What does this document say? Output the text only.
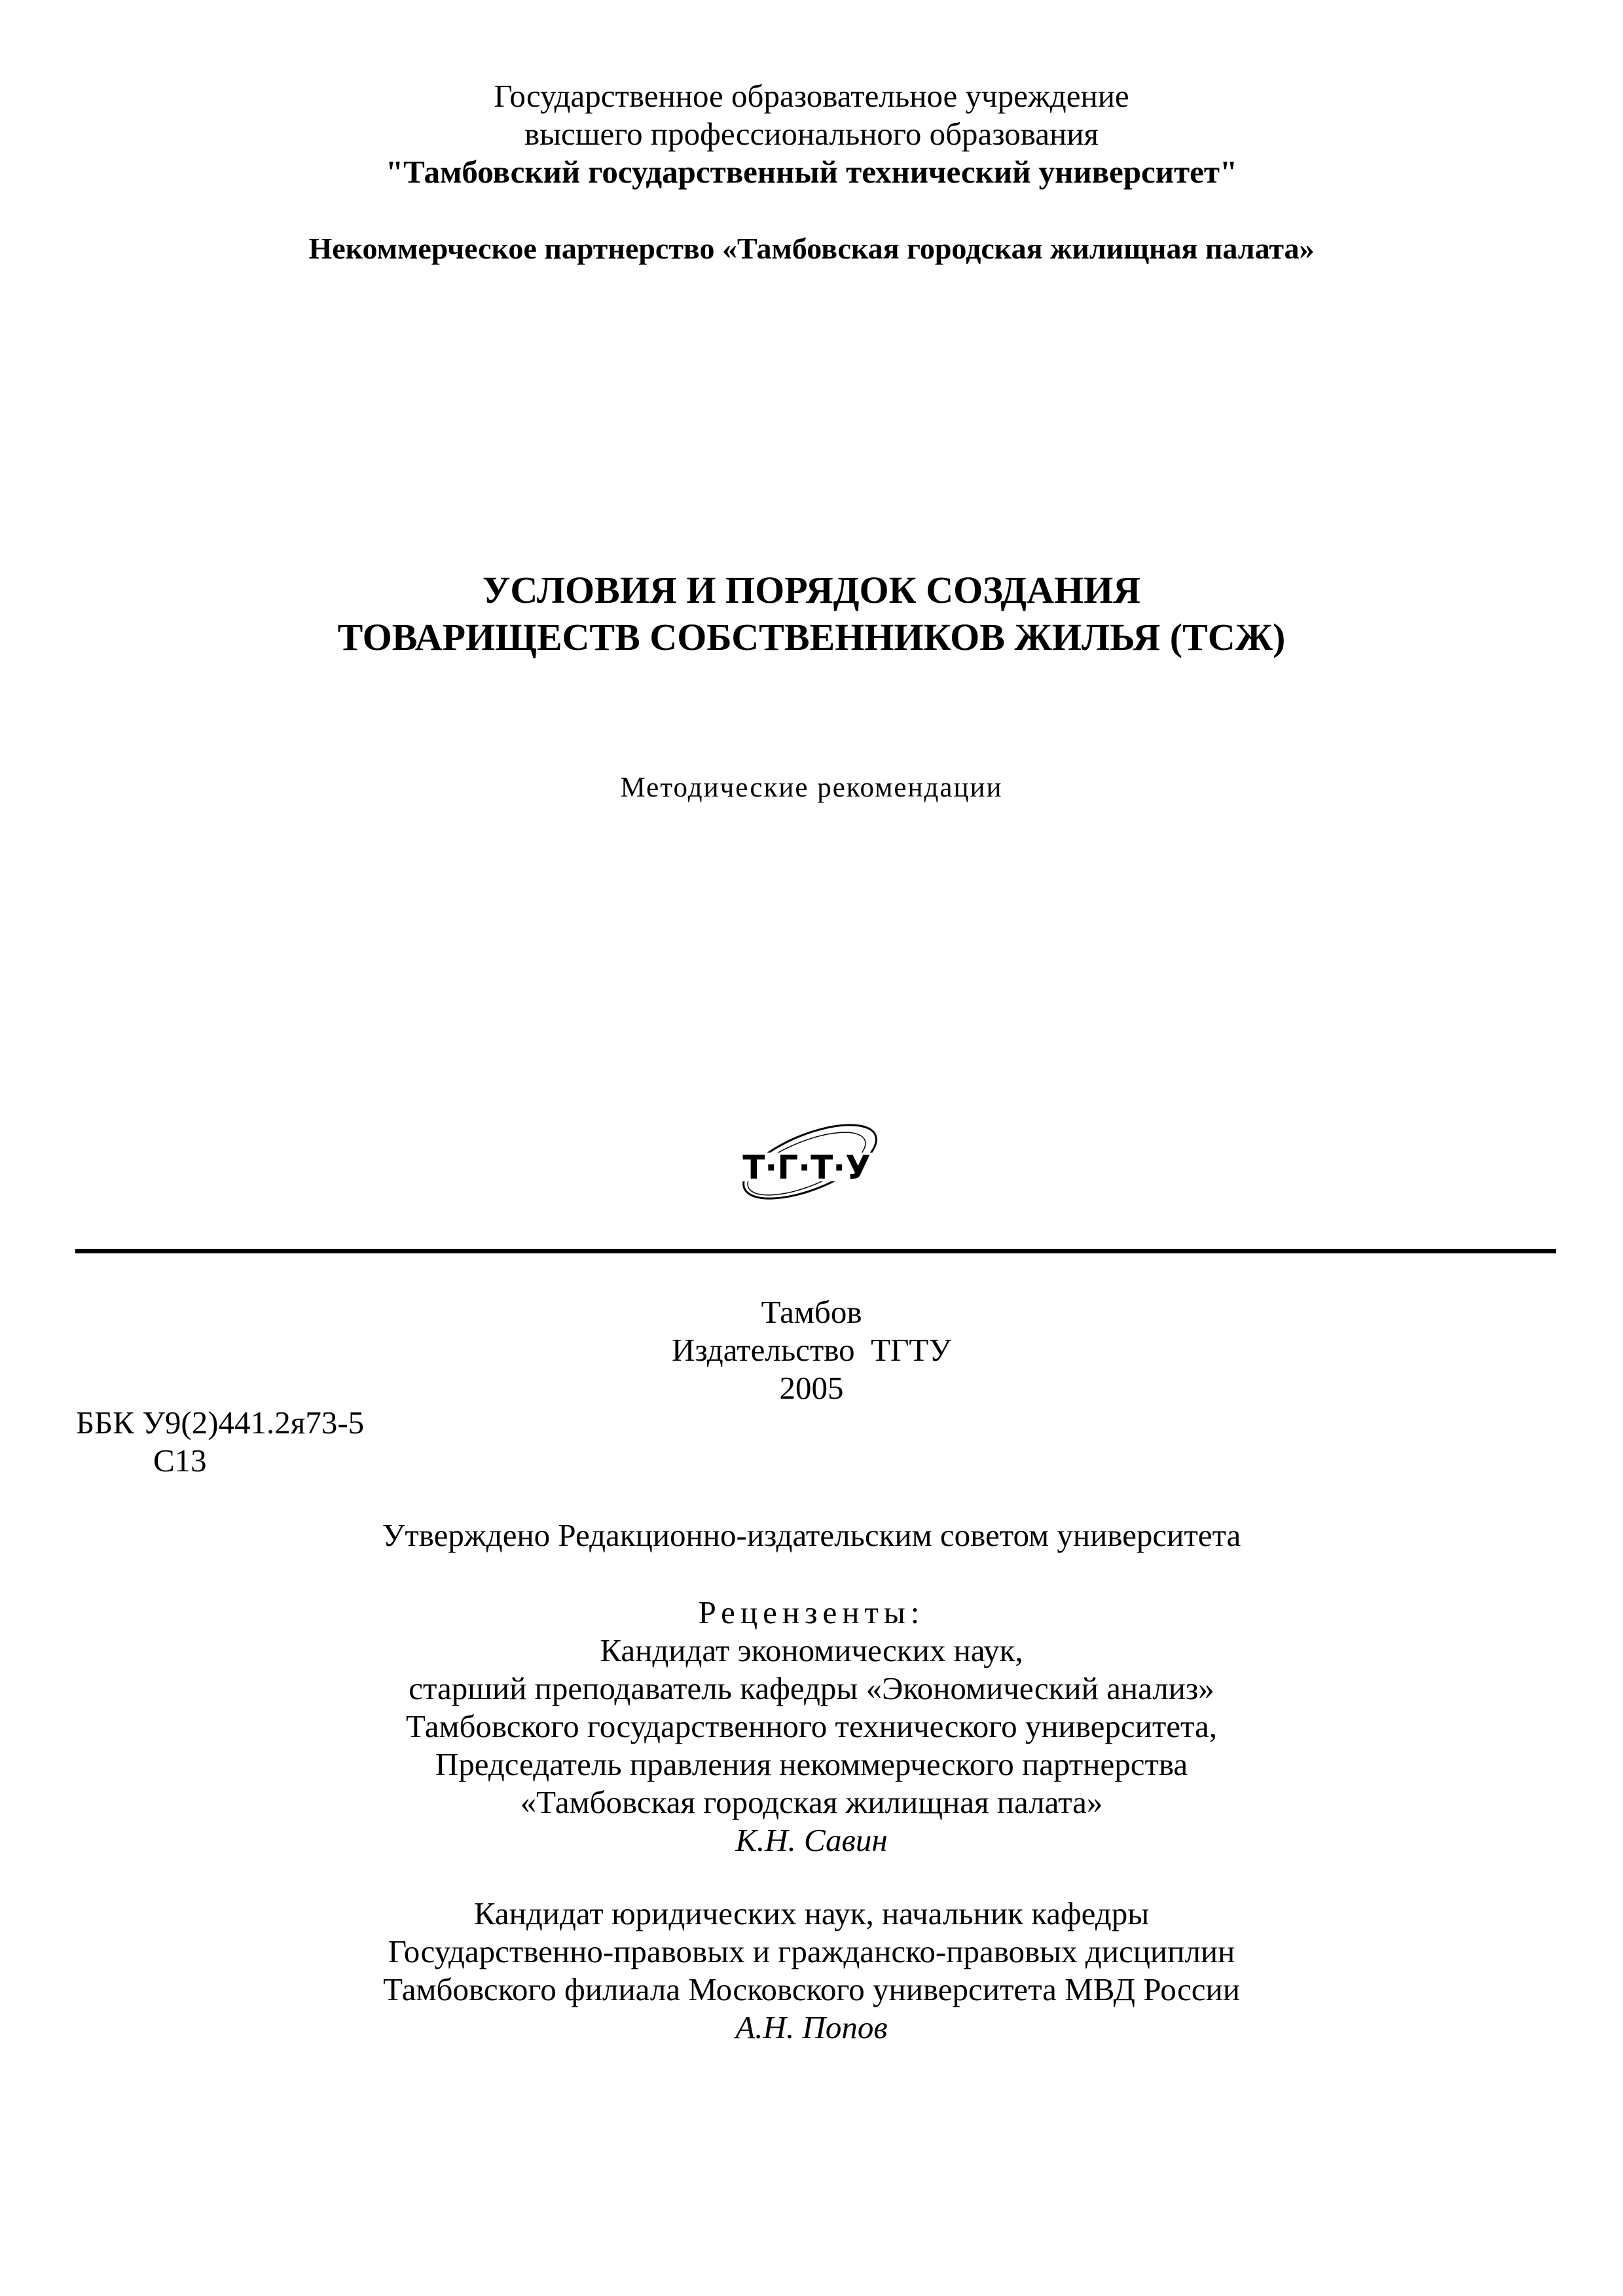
Государственное образовательное учреждение
высшего профессионального образования
"Тамбовский государственный технический университет"
Некоммерческое партнерство «Тамбовская городская жилищная палата»
УСЛОВИЯ И ПОРЯДОК СОЗДАНИЯ
ТОВАРИЩЕСТВ СОБСТВЕННИКОВ ЖИЛЬЯ (ТСЖ)
Методические рекомендации
Т·Г·Т·У
Тамбов
Издательство  ТГТУ
2005
ББК У9(2)441.2я73-5
С13
Утверждено Редакционно-издательским советом университета
Рецензенты:
Кандидат экономических наук,
старший преподаватель кафедры «Экономический анализ»
Тамбовского государственного технического университета,
Председатель правления некоммерческого партнерства
«Тамбовская городская жилищная палата»
К.Н. Савин
Кандидат юридических наук, начальник кафедры
Государственно-правовых и гражданско-правовых дисциплин
Тамбовского филиала Московского университета МВД России
А.Н. Попов
